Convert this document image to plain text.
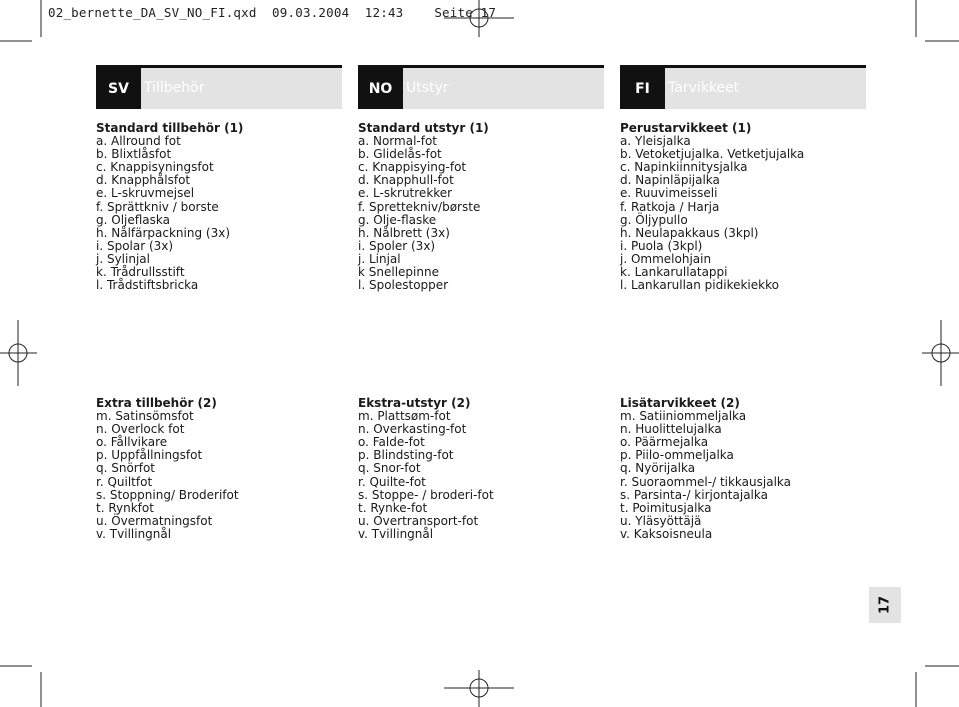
02_bernette_DA_SV_NO_FI.qxd 09.03.2004 12:43 Seite 17
SV	Tillbehör	NO Utstyr	FI	Tarvikkeet
Standard tillbehör (1)
a. Allround fot
b. Blixtlåsfot
c. Knappisyningsfot
d. Knapphålsfot
e. L-skruvmejsel
f. Sprättkniv / borste
g. Oljeflaska
h. Nålfärpackning (3x)
i. Spolar (3x)
j. Sylinjal
k. Trådrullsstift
l. Trådstiftsbricka
Standard utstyr (1)
a. Normal-fot
b. Glidelås-fot
c. Knappisying-fot
d. Knapphull-fot
e. L-skrutrekker
f. Sprettekniv/børste
g. Olje-flaske
h. Nålbrett (3x)
i. Spoler (3x)
j. Linjal
k Snellepinne
l. Spolestopper
Perustarvikkeet (1)
a. Yleisjalka
b. Vetoketjujalka. Vetketjujalka
c. Napinkiinnitysjalka
d. Napinläpijalka
e. Ruuvimeisseli
f. Ratkoja / Harja
g. Öljypullo
h. Neulapakkaus (3kpl)
i. Puola (3kpl)
j. Ommelohjain
k. Lankarullatappi
l. Lankarullan pidikekiekko
Extra tillbehör (2)
m. Satinsömsfot
n. Overlock fot
o. Fållvikare
p. Uppfållningsfot
q. Snörfot
r. Quiltfot
s. Stoppning/ Broderifot
t. Rynkfot
u. Övermatningsfot
v. Tvillingnål
Ekstra-utstyr (2)
m. Plattsøm-fot
n. Overkasting-fot
o. Falde-fot
p. Blindsting-fot
q. Snor-fot
r. Quilte-fot
s. Stoppe- / broderi-fot
t. Rynke-fot
u. Overtransport-fot
v. Tvillingnål
Lisätarvikkeet (2)
m. Satiiniommeljalka
n. Huolittelujalka
o. Päärmejalka
p. Piilo-ommeljalka
q. Nyörijalka
r. Suoraommel-/ tikkausjalka
s. Parsinta-/ kirjontajalka
t. Poimitusjalka
u. Yläsyöttäjä
v. Kaksoisneula
17
